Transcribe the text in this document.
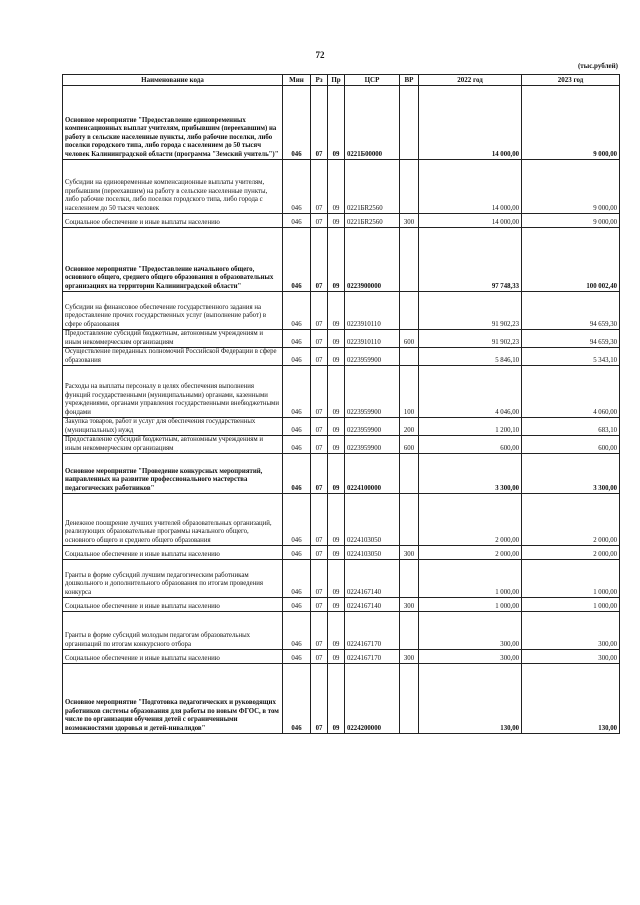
72
(тыс.рублей)
Наименование кода	Мин	Рз	Пр	ЦСР	ВР	2022 год	2023 год
Основное мероприятие "Предоставление единовременных компенсационных выплат учителям, прибывшим (переехавшим) на работу в сельские населенные пункты, либо рабочие поселки, либо поселки городского типа, либо города с населением до 50 тысяч человек Калининградской области (программа "Земский учитель")"	046	07	09	0221Б00000		14 000,00	9 000,00
Субсидии на единовременные компенсационные выплаты учителям, прибывшим (переехавшим) на работу в сельские населенные пункты, либо рабочие поселки, либо поселки городского типа, либо города с населением до 50 тысяч человек	046	07	09	0221БR2560		14 000,00	9 000,00
Социальное обеспечение и иные выплаты населению	046	07	09	0221БR2560	300	14 000,00	9 000,00
Основное мероприятие "Предоставление начального общего, основного общего, среднего общего образования в образовательных организациях на территории Калининградской области"	046	07	09	0223900000		97 748,33	100 002,40
Субсидии на финансовое обеспечение государственного задания на предоставление прочих государственных услуг (выполнение работ) в сфере образования	046	07	09	0223910110		91 902,23	94 659,30
Предоставление субсидий бюджетным, автономным учреждениям и иным некоммерческим организациям	046	07	09	0223910110	600	91 902,23	94 659,30
Осуществление переданных полномочий Российской Федерации в сфере образования	046	07	09	0223959900		5 846,10	5 343,10
Расходы на выплаты персоналу в целях обеспечения выполнения функций государственными (муниципальными) органами, казенными учреждениями, органами управления государственными внебюджетными фондами	046	07	09	0223959900	100	4 046,00	4 060,00
Закупка товаров, работ и услуг для обеспечения государственных (муниципальных) нужд	046	07	09	0223959900	200	1 200,10	683,10
Предоставление субсидий бюджетным, автономным учреждениям и иным некоммерческим организациям	046	07	09	0223959900	600	600,00	600,00
Основное мероприятие "Проведение конкурсных мероприятий, направленных на развитие профессионального мастерства педагогических работников"	046	07	09	0224100000		3 300,00	3 300,00
Денежное поощрение лучших учителей образовательных организаций, реализующих образовательные программы начального общего, основного общего и среднего общего образования	046	07	09	0224103050		2 000,00	2 000,00
Социальное обеспечение и иные выплаты населению	046	07	09	0224103050	300	2 000,00	2 000,00
Гранты в форме субсидий лучшим педагогическим работникам дошкольного и дополнительного образования по итогам проведения конкурса	046	07	09	0224167140		1 000,00	1 000,00
Социальное обеспечение и иные выплаты населению	046	07	09	0224167140	300	1 000,00	1 000,00
Гранты в форме субсидий молодым педагогам образовательных организаций по итогам конкурсного отбора	046	07	09	0224167170		300,00	300,00
Социальное обеспечение и иные выплаты населению	046	07	09	0224167170	300	300,00	300,00
Основное мероприятие "Подготовка педагогических и руководящих работников системы образования для работы по новым ФГОС, в том числе по организации обучения детей с ограниченными возможностями здоровья и детей-инвалидов"	046	07	09	0224200000		130,00	130,00
